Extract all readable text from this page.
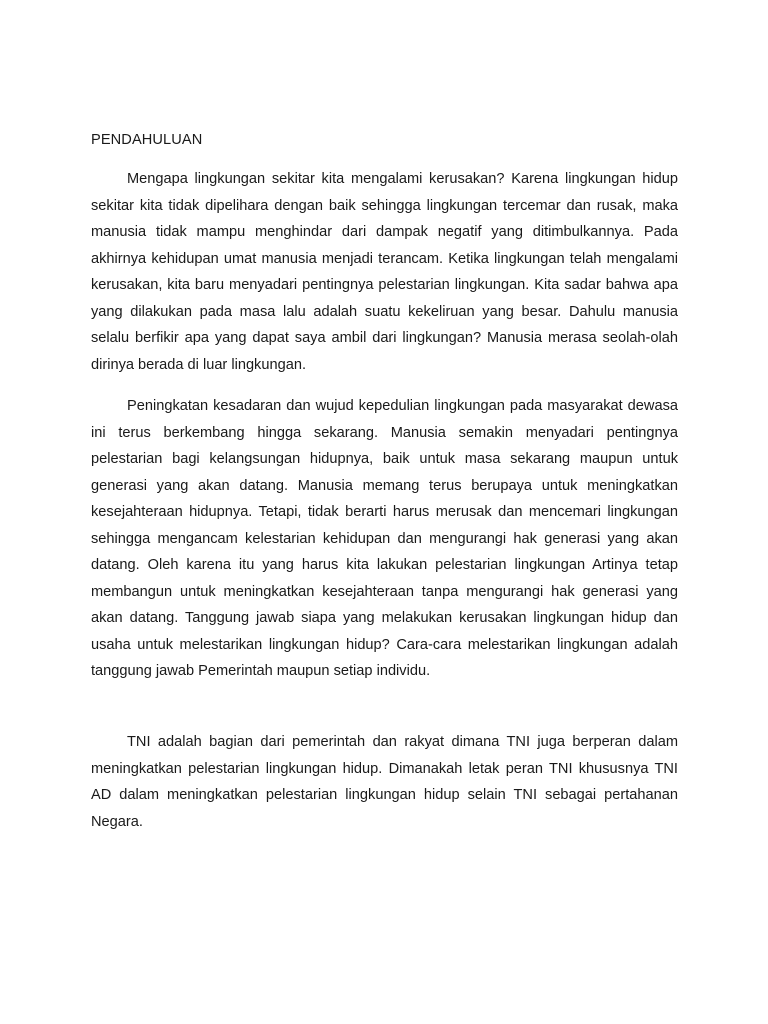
PENDAHULUAN

Mengapa lingkungan sekitar kita mengalami kerusakan? Karena lingkungan hidup sekitar kita tidak dipelihara dengan baik sehingga lingkungan tercemar dan rusak, maka manusia tidak mampu menghindar dari dampak negatif yang ditimbulkannya. Pada akhirnya kehidupan umat manusia menjadi terancam. Ketika lingkungan telah mengalami kerusakan, kita baru menyadari pentingnya pelestarian lingkungan. Kita sadar bahwa apa yang dilakukan pada masa lalu adalah suatu kekeliruan yang besar. Dahulu manusia selalu berfikir apa yang dapat saya ambil dari lingkungan? Manusia merasa seolah-olah dirinya berada di luar lingkungan.

Peningkatan kesadaran dan wujud kepedulian lingkungan pada masyarakat dewasa ini terus berkembang hingga sekarang. Manusia semakin menyadari pentingnya pelestarian bagi kelangsungan hidupnya, baik untuk masa sekarang maupun untuk generasi yang akan datang. Manusia memang terus berupaya untuk meningkatkan kesejahteraan hidupnya. Tetapi, tidak berarti harus merusak dan mencemari lingkungan sehingga mengancam kelestarian kehidupan dan mengurangi hak generasi yang akan datang. Oleh karena itu yang harus kita lakukan pelestarian lingkungan Artinya tetap membangun untuk meningkatkan kesejahteraan tanpa mengurangi hak generasi yang akan datang. Tanggung jawab siapa yang melakukan kerusakan lingkungan hidup dan usaha untuk melestarikan lingkungan hidup? Cara-cara melestarikan lingkungan adalah tanggung jawab Pemerintah maupun setiap individu.

TNI adalah bagian dari pemerintah dan rakyat dimana TNI juga berperan dalam meningkatkan pelestarian lingkungan hidup. Dimanakah letak peran TNI khususnya TNI AD dalam meningkatkan pelestarian lingkungan hidup selain TNI sebagai pertahanan Negara.
